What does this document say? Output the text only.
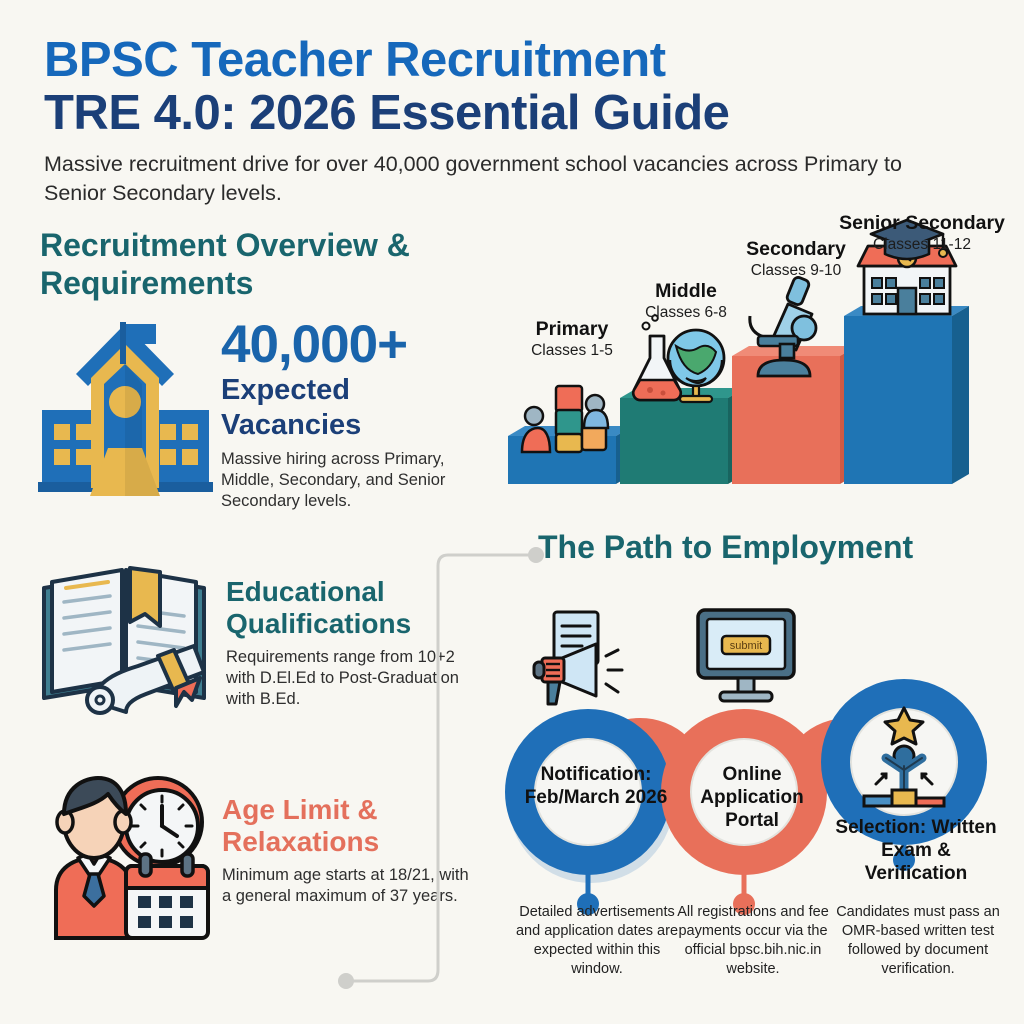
BPSC Teacher Recruitment
TRE 4.0: 2026 Essential Guide
Massive recruitment drive for over 40,000 government school vacancies across Primary to Senior Secondary levels.
Recruitment Overview & Requirements
40,000+
Expected
Vacancies
Massive hiring across Primary, Middle, Secondary, and Senior Secondary levels.
Educational
Qualifications
Requirements range from 10+2 with D.El.Ed to Post-Graduation with B.Ed.
Age Limit &
Relaxations
Minimum age starts at 18/21, with a general maximum of 37 years.
Primary
Classes 1-5
Middle
Classes 6-8
Secondary
Classes 9-10
Senior Secondary
Classes 11-12
The Path to Employment
submit
Notification: Feb/March 2026
Online Application Portal	Selection: Written Exam & Verification
Detailed advertisements and application dates are expected within this window.
All registrations and fee payments occur via the official bpsc.bih.nic.in website.
Candidates must pass an OMR-based written test followed by document verification.
